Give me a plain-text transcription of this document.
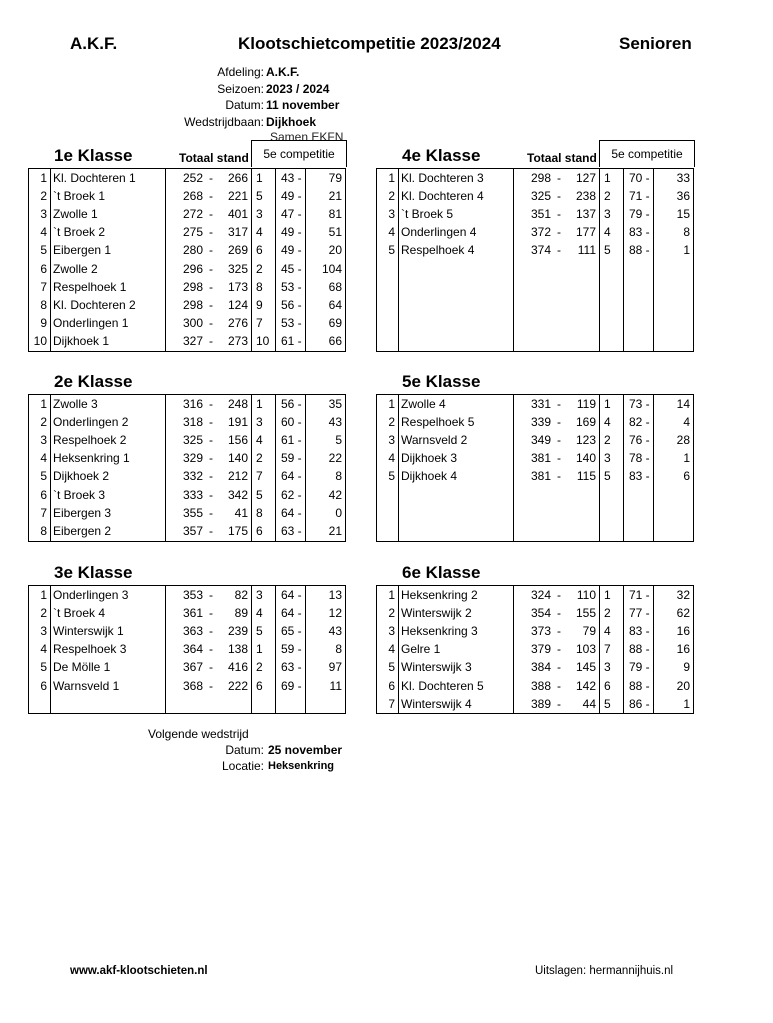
A.K.F.	Klootschietcompetitie 2023/2024	Senioren
Afdeling: A.K.F.
Seizoen: 2023 / 2024
Datum: 11 november
Wedstrijdbaan: Dijkhoek
Samen EKFN
1e Klasse	Totaal stand	5e competitie
1	Kl. Dochteren 1	252	-	266	1	43 -	79
2	`t Broek 1	268	-	221	5	49 -	21
3	Zwolle 1	272	-	401	3	47 -	81
4	`t Broek 2	275	-	317	4	49 -	51
5	Eibergen 1	280	-	269	6	49 -	20
6	Zwolle 2	296	-	325	2	45 -	104
7	Respelhoek 1	298	-	173	8	53 -	68
8	Kl. Dochteren 2	298	-	124	9	56 -	64
9	Onderlingen 1	300	-	276	7	53 -	69
10	Dijkhoek 1	327	-	273	10	61 -	66
4e Klasse	Totaal stand	5e competitie
1	Kl. Dochteren 3	298	-	127	1	70 -	33
2	Kl. Dochteren 4	325	-	238	2	71 -	36
3	`t Broek 5	351	-	137	3	79 -	15
4	Onderlingen 4	372	-	177	4	83 -	8
5	Respelhoek 4	374	-	111	5	88 -	1
2e Klasse
1	Zwolle 3	316	-	248	1	56 -	35
2	Onderlingen 2	318	-	191	3	60 -	43
3	Respelhoek 2	325	-	156	4	61 -	5
4	Heksenkring 1	329	-	140	2	59 -	22
5	Dijkhoek 2	332	-	212	7	64 -	8
6	`t Broek 3	333	-	342	5	62 -	42
7	Eibergen 3	355	-	41	8	64 -	0
8	Eibergen 2	357	-	175	6	63 -	21
5e Klasse
1	Zwolle 4	331	-	119	1	73 -	14
2	Respelhoek 5	339	-	169	4	82 -	4
3	Warnsveld 2	349	-	123	2	76 -	28
4	Dijkhoek 3	381	-	140	3	78 -	1
5	Dijkhoek 4	381	-	115	5	83 -	6
3e Klasse
1	Onderlingen 3	353	-	82	3	64 -	13
2	`t Broek 4	361	-	89	4	64 -	12
3	Winterswijk 1	363	-	239	5	65 -	43
4	Respelhoek 3	364	-	138	1	59 -	8
5	De Mölle 1	367	-	416	2	63 -	97
6	Warnsveld 1	368	-	222	6	69 -	11
6e Klasse
1	Heksenkring 2	324	-	110	1	71 -	32
2	Winterswijk 2	354	-	155	2	77 -	62
3	Heksenkring 3	373	-	79	4	83 -	16
4	Gelre 1	379	-	103	7	88 -	16
5	Winterswijk 3	384	-	145	3	79 -	9
6	Kl. Dochteren 5	388	-	142	6	88 -	20
7	Winterswijk 4	389	-	44	5	86 -	1
Volgende wedstrijd
Datum: 25 november
Locatie: Heksenkring
www.akf-klootschieten.nl	Uitslagen: hermannijhuis.nl
